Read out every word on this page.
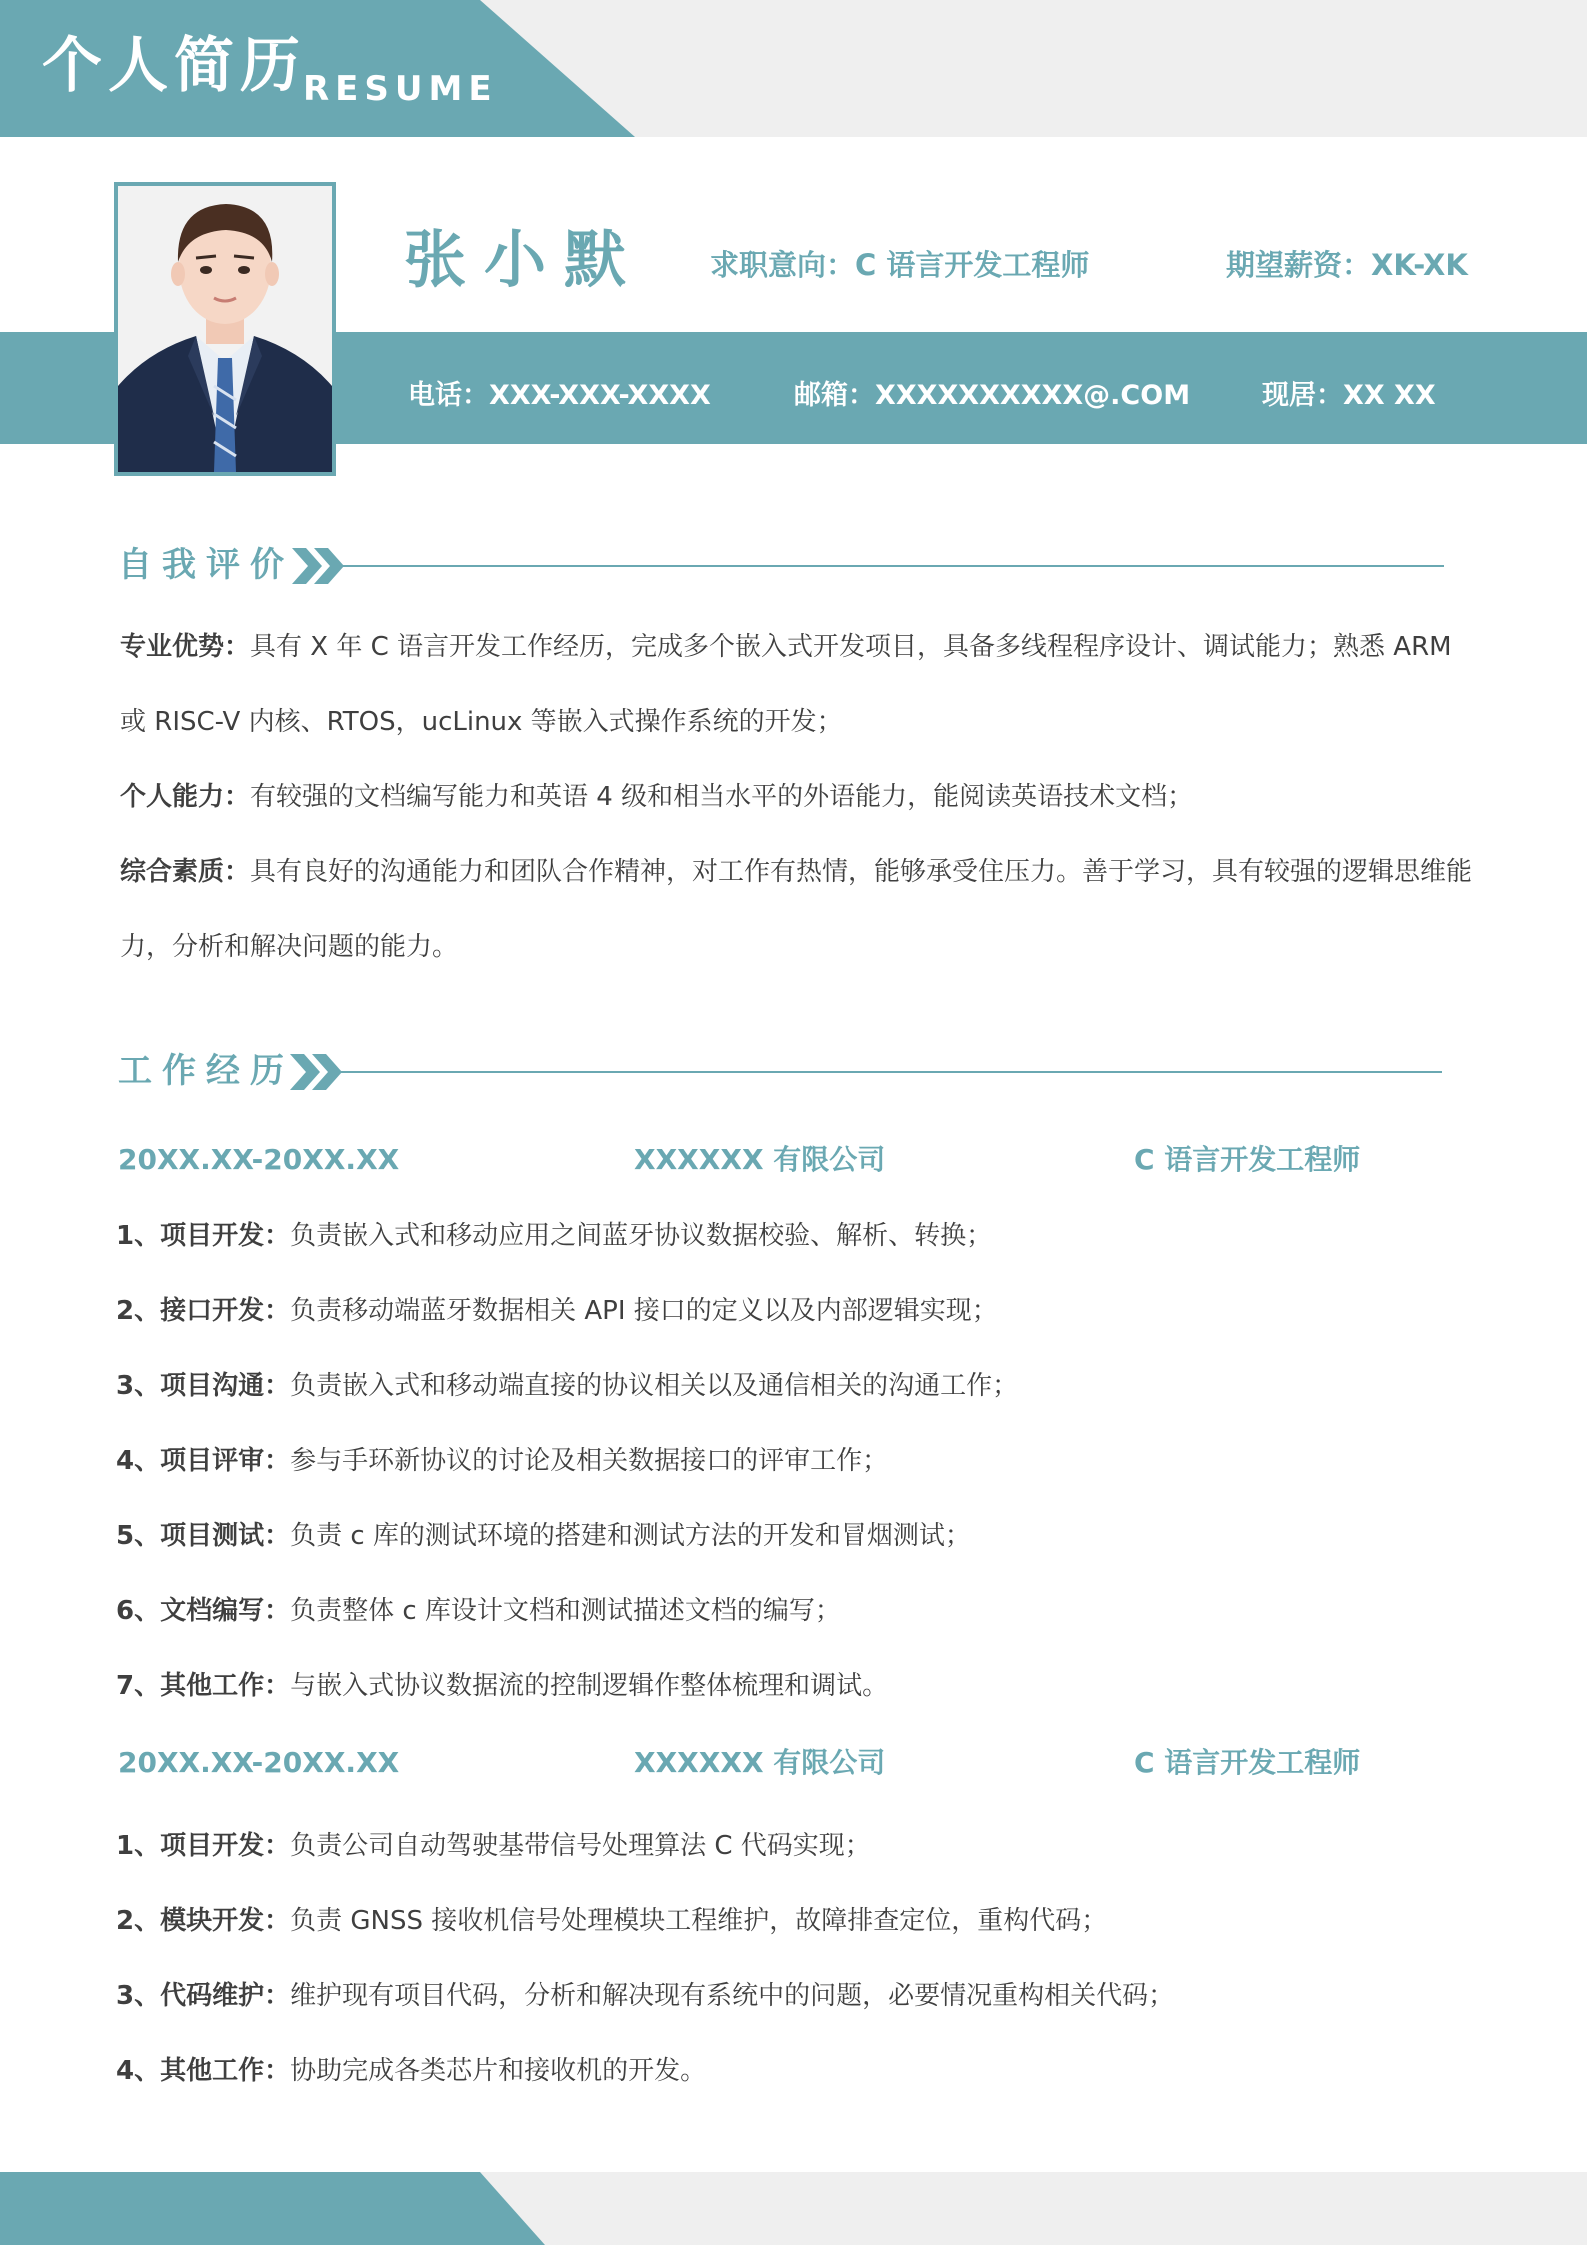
个人简历
RESUME
张小默 求职意向：C 语言开发工程师	期望薪资：XK-XK
电话：XXX-XXX-XXXX	邮箱：XXXXXXXXXX@.COM	现居：XX XX
自我评价
专业优势：具有 X 年 C 语言开发工作经历，完成多个嵌入式开发项目，具备多线程程序设计、调试能力；熟悉 ARM 或 RISC-V 内核、RTOS，ucLinux 等嵌入式操作系统的开发；
个人能力：有较强的文档编写能力和英语 4 级和相当水平的外语能力，能阅读英语技术文档；
综合素质：具有良好的沟通能力和团队合作精神，对工作有热情，能够承受住压力。善于学习，具有较强的逻辑思维能力，分析和解决问题的能力。
工作经历
20XX.XX-20XX.XX	XXXXXX 有限公司	C 语言开发工程师
1、项目开发：负责嵌入式和移动应用之间蓝牙协议数据校验、解析、转换；
2、接口开发：负责移动端蓝牙数据相关 API 接口的定义以及内部逻辑实现；
3、项目沟通：负责嵌入式和移动端直接的协议相关以及通信相关的沟通工作；
4、项目评审：参与手环新协议的讨论及相关数据接口的评审工作；
5、项目测试：负责 c 库的测试环境的搭建和测试方法的开发和冒烟测试；
6、文档编写：负责整体 c 库设计文档和测试描述文档的编写；
7、其他工作：与嵌入式协议数据流的控制逻辑作整体梳理和调试。
20XX.XX-20XX.XX	XXXXXX 有限公司	C 语言开发工程师
1、项目开发：负责公司自动驾驶基带信号处理算法 C 代码实现；
2、模块开发：负责 GNSS 接收机信号处理模块工程维护，故障排查定位，重构代码；
3、代码维护：维护现有项目代码，分析和解决现有系统中的问题，必要情况重构相关代码；
4、其他工作：协助完成各类芯片和接收机的开发。
